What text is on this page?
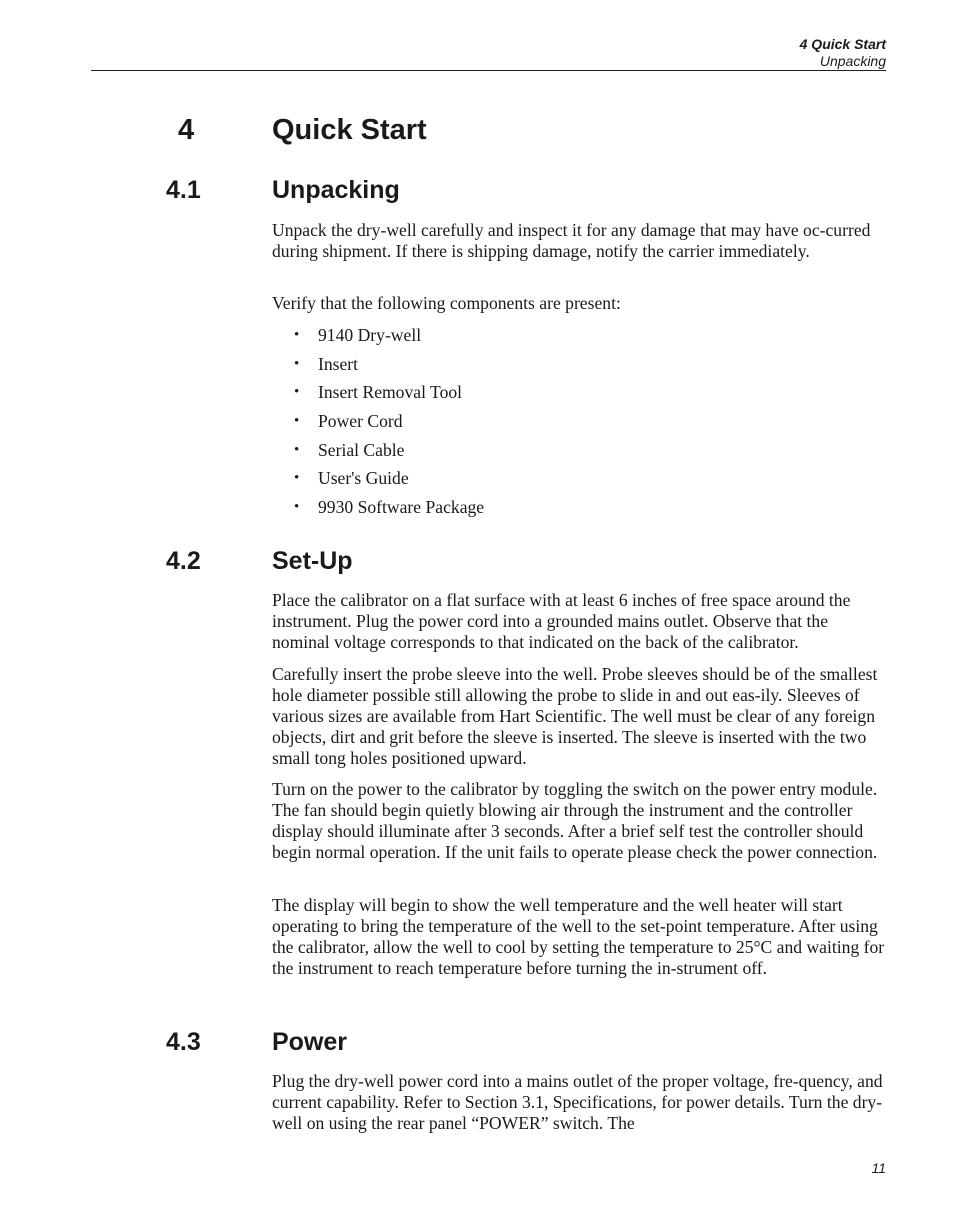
4 Quick Start
Unpacking
4	Quick Start
4.1	Unpacking

Unpack the dry-well carefully and inspect it for any damage that may have oc-curred during shipment. If there is shipping damage, notify the carrier immediately.

Verify that the following components are present:

• 9140 Dry-well
• Insert
• Insert Removal Tool
• Power Cord
• Serial Cable
• User's Guide
• 9930 Software Package
4.2	Set-Up

Place the calibrator on a flat surface with at least 6 inches of free space around the instrument. Plug the power cord into a grounded mains outlet. Observe that the nominal voltage corresponds to that indicated on the back of the calibrator.

Carefully insert the probe sleeve into the well. Probe sleeves should be of the smallest hole diameter possible still allowing the probe to slide in and out eas-ily. Sleeves of various sizes are available from Hart Scientific. The well must be clear of any foreign objects, dirt and grit before the sleeve is inserted. The sleeve is inserted with the two small tong holes positioned upward.

Turn on the power to the calibrator by toggling the switch on the power entry module. The fan should begin quietly blowing air through the instrument and the controller display should illuminate after 3 seconds. After a brief self test the controller should begin normal operation. If the unit fails to operate please check the power connection.

The display will begin to show the well temperature and the well heater will start operating to bring the temperature of the well to the set-point temperature. After using the calibrator, allow the well to cool by setting the temperature to 25°C and waiting for the instrument to reach temperature before turning the in-strument off.

4.3	Power

Plug the dry-well power cord into a mains outlet of the proper voltage, fre-quency, and current capability. Refer to Section 3.1, Specifications, for power details. Turn the dry-well on using the rear panel “POWER” switch. The

11
